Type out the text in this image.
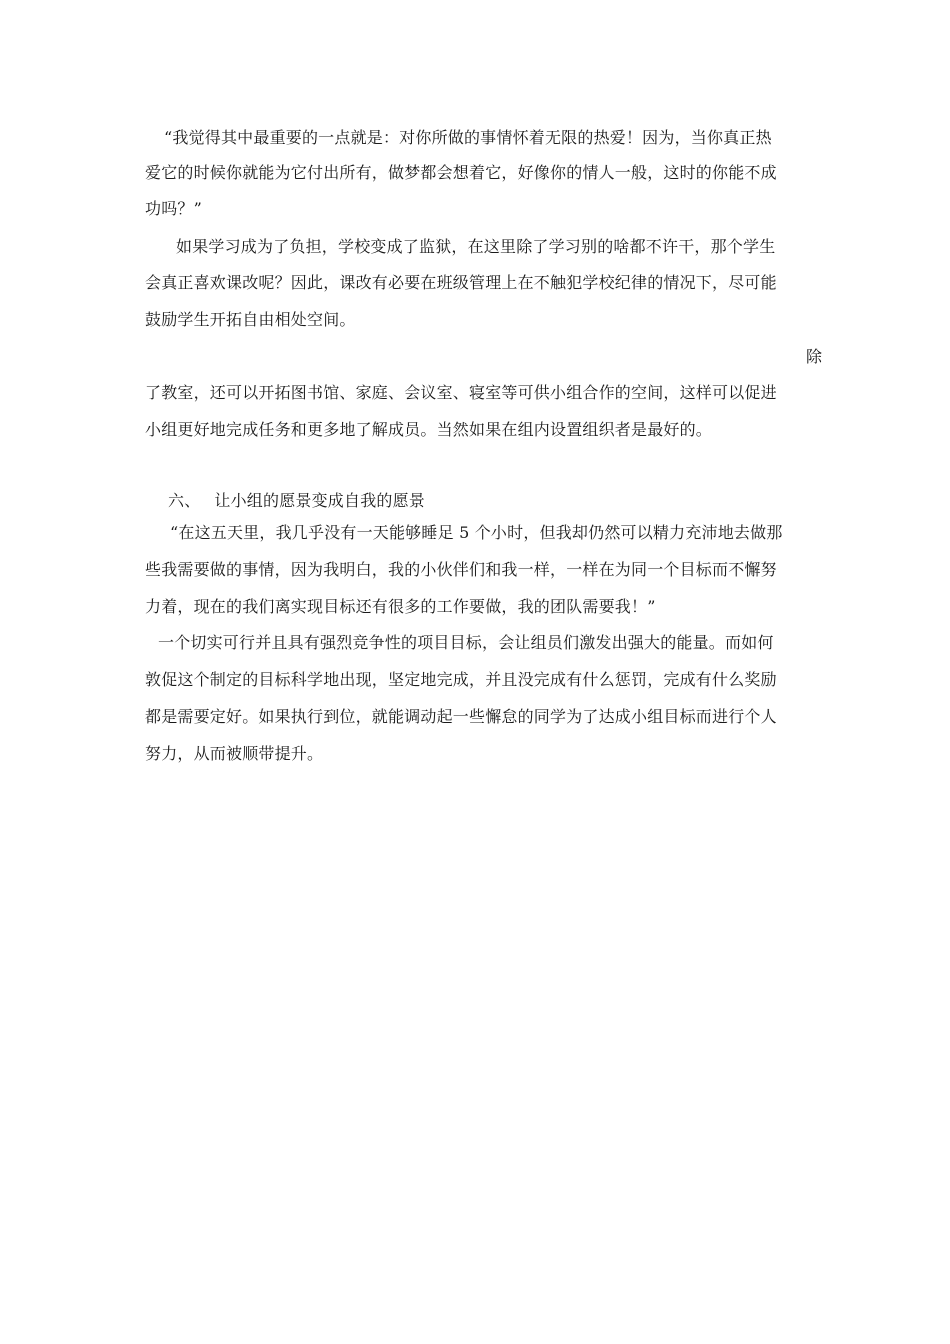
“我觉得其中最重要的一点就是：对你所做的事情怀着无限的热爱！因为，当你真正热
爱它的时候你就能为它付出所有，做梦都会想着它，好像你的情人一般，这时的你能不成
功吗？”
如果学习成为了负担，学校变成了监狱，在这里除了学习别的啥都不许干，那个学生
会真正喜欢课改呢？因此，课改有必要在班级管理上在不触犯学校纪律的情况下，尽可能
鼓励学生开拓自由相处空间。
除
了教室，还可以开拓图书馆、家庭、会议室、寝室等可供小组合作的空间，这样可以促进
小组更好地完成任务和更多地了解成员。当然如果在组内设置组织者是最好的。
六、 让小组的愿景变成自我的愿景
“在这五天里，我几乎没有一天能够睡足 5 个小时，但我却仍然可以精力充沛地去做那
些我需要做的事情，因为我明白，我的小伙伴们和我一样，一样在为同一个目标而不懈努
力着，现在的我们离实现目标还有很多的工作要做，我的团队需要我！”
一个切实可行并且具有强烈竞争性的项目目标，会让组员们激发出强大的能量。而如何
敦促这个制定的目标科学地出现，坚定地完成，并且没完成有什么惩罚，完成有什么奖励
都是需要定好。如果执行到位，就能调动起一些懈怠的同学为了达成小组目标而进行个人
努力，从而被顺带提升。
